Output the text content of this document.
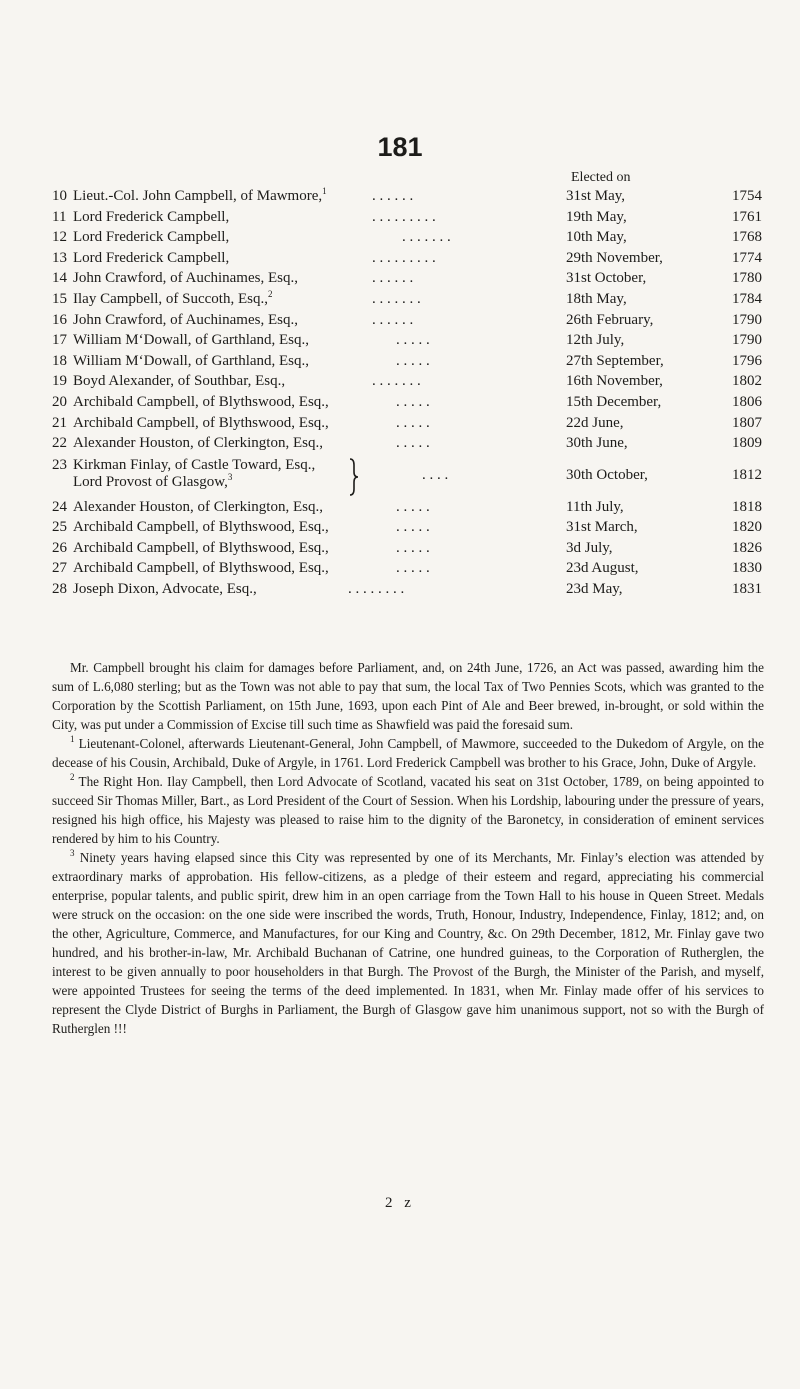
181
Elected on
10 Lieut.-Col. John Campbell, of Mawmore,$^1$	. . . . . .	31st May,	1754
11 Lord Frederick Campbell,	. . . . . . . . .	19th May,	1761
12 Lord Frederick Campbell,	. . . . . . .	10th May,	1768
13 Lord Frederick Campbell,	. . . . . . . . .	29th November,	1774
14 John Crawford, of Auchinames, Esq.,	. . . . . .	31st October,	1780
15 Ilay Campbell, of Succoth, Esq.,$^2$	. . . . . . .	18th May,	1784
16 John Crawford, of Auchinames, Esq.,	. . . . . .	26th February,	1790
17 William M‘Dowall, of Garthland, Esq.,	. . . . .	12th July,	1790
18 William M‘Dowall, of Garthland, Esq.,	. . . . .	27th September,	1796
19 Boyd Alexander, of Southbar, Esq.,	. . . . . . .	16th November,	1802
20 Archibald Campbell, of Blythswood, Esq.,	. . . . .	15th December,	1806
21 Archibald Campbell, of Blythswood, Esq.,	. . . . .	22d June,	1807
22 Alexander Houston, of Clerkington, Esq.,	. . . . .	30th June,	1809
23 Kirkman Finlay, of Castle Toward, Esq.,
Lord Provost of Glasgow,$^3$	. . . .	30th October,	1812
24 Alexander Houston, of Clerkington, Esq.,	. . . . .	11th July,	1818
25 Archibald Campbell, of Blythswood, Esq.,	. . . . .	31st March,	1820
26 Archibald Campbell, of Blythswood, Esq.,	. . . . .	3d July,	1826
27 Archibald Campbell, of Blythswood, Esq.,	. . . . .	23d August,	1830
28 Joseph Dixon, Advocate, Esq.,	. . . . . . . .	23d May,	1831

Mr. Campbell brought his claim for damages before Parliament, and, on 24th June, 1726, an Act was passed, awarding him the sum of L.6,080 sterling; but as the Town was not able to pay that sum, the local Tax of Two Pennies Scots, which was granted to the Corporation by the Scottish Parliament, on 15th June, 1693, upon each Pint of Ale and Beer brewed, in-brought, or sold within the City, was put under a Commission of Excise till such time as Shawfield was paid the foresaid sum.

$^1$ Lieutenant-Colonel, afterwards Lieutenant-General, John Campbell, of Mawmore, succeeded to the Dukedom of Argyle, on the decease of his Cousin, Archibald, Duke of Argyle, in 1761. Lord Frederick Campbell was brother to his Grace, John, Duke of Argyle.

$^2$ The Right Hon. Ilay Campbell, then Lord Advocate of Scotland, vacated his seat on 31st October, 1789, on being appointed to succeed Sir Thomas Miller, Bart., as Lord President of the Court of Session. When his Lordship, labouring under the pressure of years, resigned his high office, his Majesty was pleased to raise him to the dignity of the Baronetcy, in consideration of eminent services rendered by him to his Country.

$^3$ Ninety years having elapsed since this City was represented by one of its Merchants, Mr. Finlay’s election was attended by extraordinary marks of approbation. His fellow-citizens, as a pledge of their esteem and regard, appreciating his commercial enterprise, popular talents, and public spirit, drew him in an open carriage from the Town Hall to his house in Queen Street. Medals were struck on the occasion: on the one side were inscribed the words, Truth, Honour, Industry, Independence, Finlay, 1812; and, on the other, Agriculture, Commerce, and Manufactures, for our King and Country, &c. On 29th December, 1812, Mr. Finlay gave two hundred, and his brother-in-law, Mr. Archibald Buchanan of Catrine, one hundred guineas, to the Corporation of Rutherglen, the interest to be given annually to poor householders in that Burgh. The Provost of the Burgh, the Minister of the Parish, and myself, were appointed Trustees for seeing the terms of the deed implemented. In 1831, when Mr. Finlay made offer of his services to represent the Clyde District of Burghs in Parliament, the Burgh of Glasgow gave him unanimous support, not so with the Burgh of Rutherglen !!!

2 z
